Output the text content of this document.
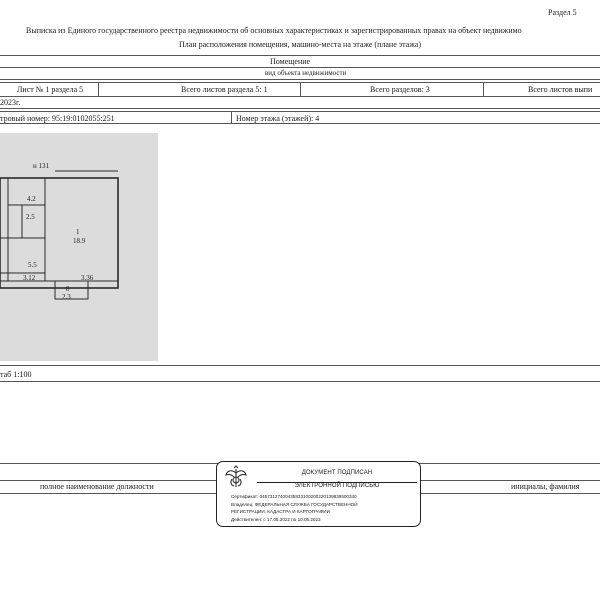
Раздел 5
Выписка из Единого государственного реестра недвижимости об основных характеристиках и зарегистрированных правах на объект недвижимо
План расположения помещения, машино-места на этаже (плане этажа)
Помещение
вид объекта недвижимости
Лист № 1 раздела 5	Всего листов раздела 5: 1	Всего разделов: 3	Всего листов выпи
2023г.
тровый номер: 95:19:0102055:251	Номер этажа (этажей): 4
н 131
1
18.9
5.5
3.12	3.36
8
2.3
4.2
2.5
таб 1:100
полное наименование должности	инициалы, фамилия
ДОКУМЕНТ ПОДПИСАН
ЭЛЕКТРОННОЙ ПОДПИСЬЮ
Сертификат: 04573127400435833100200220139839500340
Владелец: ФЕДЕРАЛЬНАЯ СЛУЖБА ГОСУДАРСТВЕННОЙ
РЕГИСТРАЦИИ, КАДАСТРА И КАРТОГРАФИИ
Действителен: с 17.05.2022 по 10.05.2023
